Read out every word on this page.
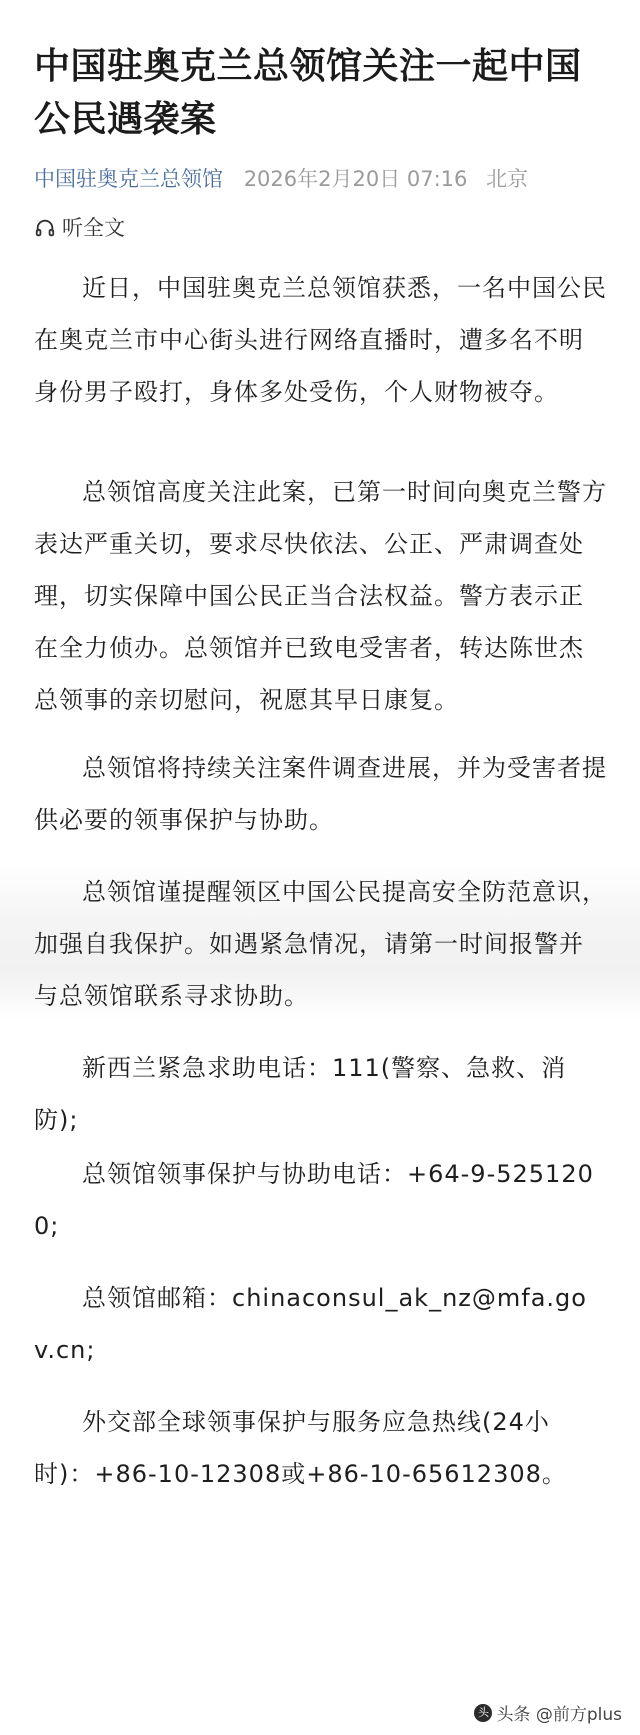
中国驻奥克兰总领馆关注一起中国公民遇袭案
中国驻奥克兰总领馆 2026年2月20日 07:16 北京
听全文

近日，中国驻奥克兰总领馆获悉，一名中国公民在奥克兰市中心街头进行网络直播时，遭多名不明身份男子殴打，身体多处受伤，个人财物被夺。

总领馆高度关注此案，已第一时间向奥克兰警方表达严重关切，要求尽快依法、公正、严肃调查处理，切实保障中国公民正当合法权益。警方表示正在全力侦办。总领馆并已致电受害者，转达陈世杰总领事的亲切慰问，祝愿其早日康复。

总领馆将持续关注案件调查进展，并为受害者提供必要的领事保护与协助。

总领馆谨提醒领区中国公民提高安全防范意识，加强自我保护。如遇紧急情况，请第一时间报警并与总领馆联系寻求协助。

新西兰紧急求助电话：111(警察、急救、消防);

总领馆领事保护与协助电话：+64-9-5251200;

总领馆邮箱：chinaconsul_ak_nz@mfa.gov.cn;

外交部全球领事保护与服务应急热线(24小时)：+86-10-12308或+86-10-65612308。

头 头条 @前方plus
